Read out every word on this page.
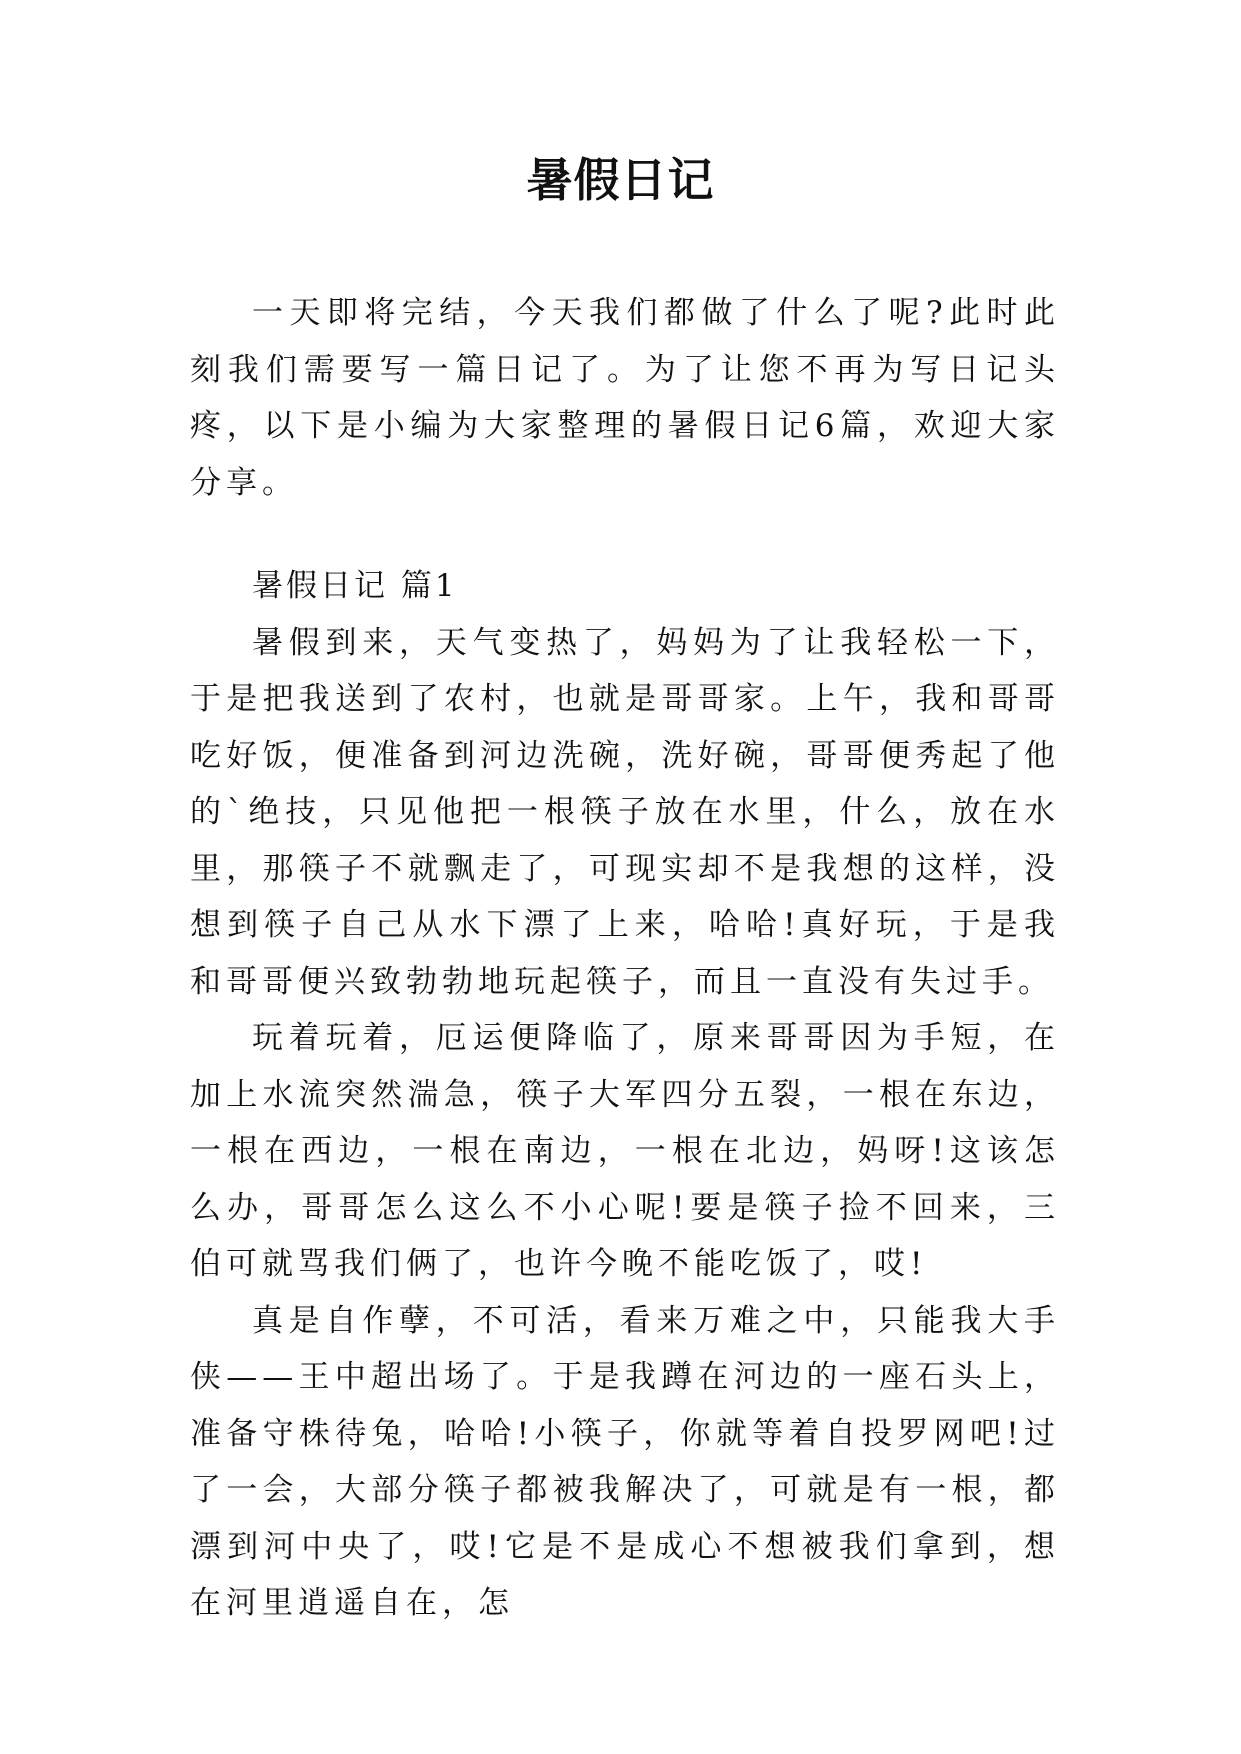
暑假日记

一天即将完结，今天我们都做了什么了呢?此时此刻我们需要写一篇日记了。为了让您不再为写日记头疼，以下是小编为大家整理的暑假日记6篇，欢迎大家分享。

暑假日记 篇1

暑假到来，天气变热了，妈妈为了让我轻松一下，于是把我送到了农村，也就是哥哥家。上午，我和哥哥吃好饭，便准备到河边洗碗，洗好碗，哥哥便秀起了他的`绝技，只见他把一根筷子放在水里，什么，放在水里，那筷子不就飘走了，可现实却不是我想的这样，没想到筷子自己从水下漂了上来，哈哈!真好玩，于是我和哥哥便兴致勃勃地玩起筷子，而且一直没有失过手。

玩着玩着，厄运便降临了，原来哥哥因为手短，在加上水流突然湍急，筷子大军四分五裂，一根在东边，一根在西边，一根在南边，一根在北边，妈呀!这该怎么办，哥哥怎么这么不小心呢!要是筷子捡不回来，三伯可就骂我们俩了，也许今晚不能吃饭了，哎!

真是自作孽，不可活，看来万难之中，只能我大手侠——王中超出场了。于是我蹲在河边的一座石头上，准备守株待兔，哈哈!小筷子，你就等着自投罗网吧!过了一会，大部分筷子都被我解决了，可就是有一根，都漂到河中央了，哎!它是不是成心不想被我们拿到，想在河里逍遥自在，怎
